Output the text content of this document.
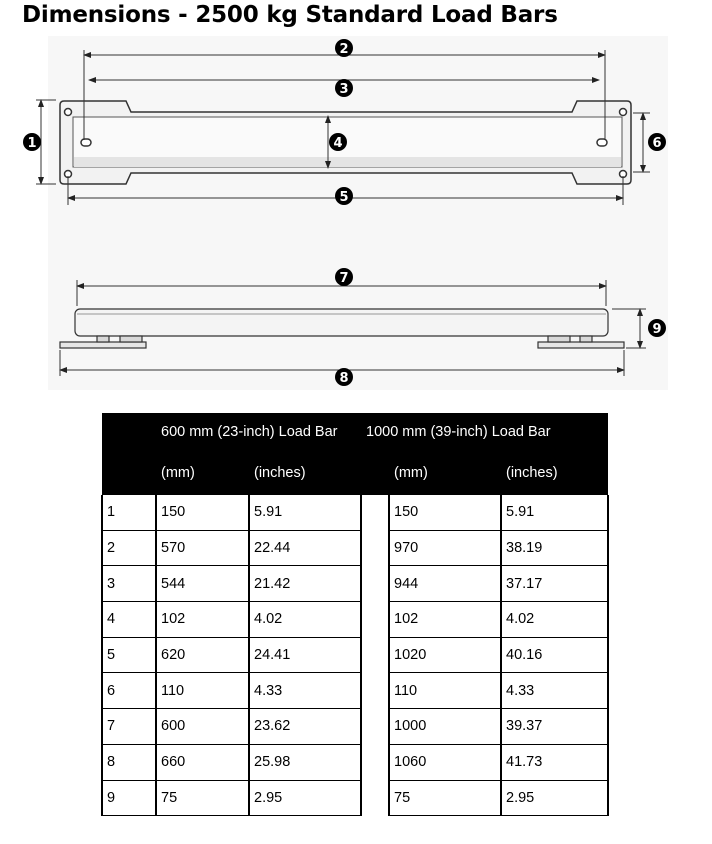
Dimensions - 2500 kg Standard Load Bars
1
2
3
4
5
6
7
8
9
	600 mm (23-inch) Load Bar		1000 mm (39-inch) Load Bar		
	(mm)	(inches)		(mm)	(inches)
1	150	5.91		150	5.91
2	570	22.44		970	38.19
3	544	21.42		944	37.17
4	102	4.02		102	4.02
5	620	24.41		1020	40.16
6	110	4.33		110	4.33
7	600	23.62		1000	39.37
8	660	25.98		1060	41.73
9	75	2.95		75	2.95
